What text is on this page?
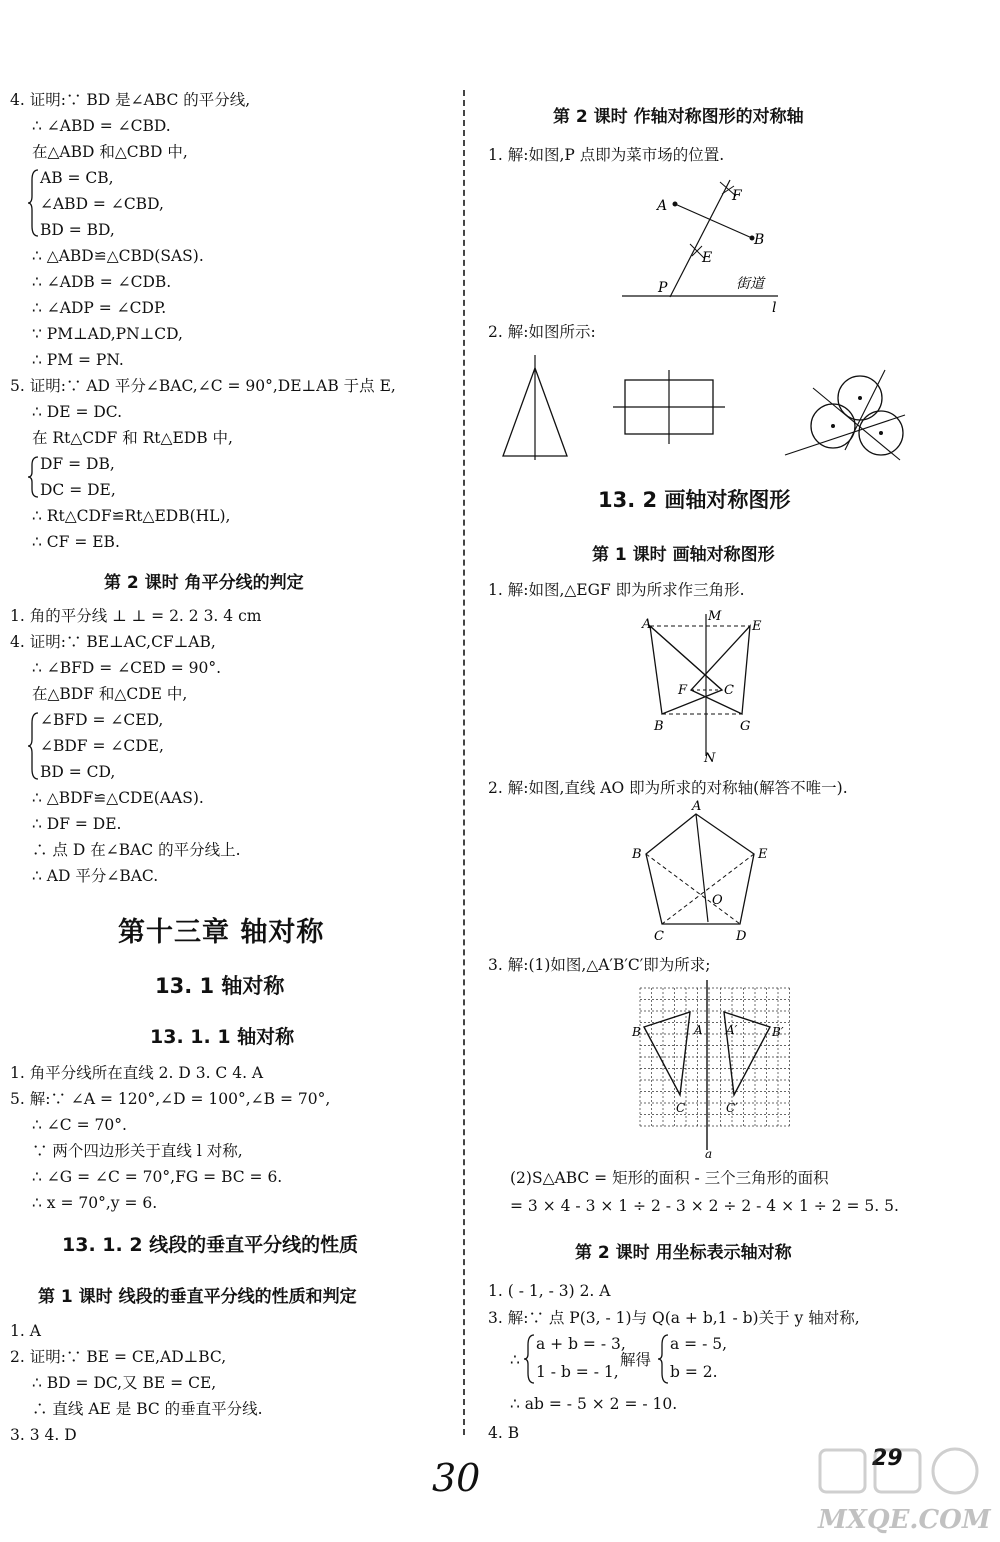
4. 证明:∵ BD 是∠ABC 的平分线,
∴ ∠ABD = ∠CBD.
在△ABD 和△CBD 中,
AB = CB,
∠ABD = ∠CBD,
BD = BD,
∴ △ABD≌△CBD(SAS).
∴ ∠ADB = ∠CDB.
∴ ∠ADP = ∠CDP.
∵ PM⊥AD,PN⊥CD,
∴ PM = PN.
5. 证明:∵ AD 平分∠BAC,∠C = 90°,DE⊥AB 于点 E,
∴ DE = DC.
在 Rt△CDF 和 Rt△EDB 中,
DF = DB,
DC = DE,
∴ Rt△CDF≌Rt△EDB(HL),
∴ CF = EB.
第 2 课时 角平分线的判定
1. 角的平分线 ⊥ ⊥ = 2. 2 3. 4 cm
4. 证明:∵ BE⊥AC,CF⊥AB,
∴ ∠BFD = ∠CED = 90°.
在△BDF 和△CDE 中,
∠BFD = ∠CED,
∠BDF = ∠CDE,
BD = CD,
∴ △BDF≌△CDE(AAS).
∴ DF = DE.
∴ 点 D 在∠BAC 的平分线上.
∴ AD 平分∠BAC.
第十三章 轴对称
13. 1 轴对称
13. 1. 1 轴对称
1. 角平分线所在直线 2. D 3. C 4. A
5. 解:∵ ∠A = 120°,∠D = 100°,∠B = 70°,
∴ ∠C = 70°.
∵ 两个四边形关于直线 l 对称,
∴ ∠G = ∠C = 70°,FG = BC = 6.
∴ x = 70°,y = 6.
13. 1. 2 线段的垂直平分线的性质
第 1 课时 线段的垂直平分线的性质和判定
1. A
2. 证明:∵ BE = CE,AD⊥BC,
∴ BD = DC,又 BE = CE,
∴ 直线 AE 是 BC 的垂直平分线.
3. 3 4. D
第 2 课时 作轴对称图形的对称轴
1. 解:如图,P 点即为菜市场的位置.
A
B
F
E
P	街道
l
2. 解:如图所示:
13. 2 画轴对称图形
第 1 课时 画轴对称图形
1. 解:如图,△EGF 即为所求作三角形.
A
M
E
F	C
B	G
N
2. 解:如图,直线 AO 即为所求的对称轴(解答不唯一).
A
B	E
O
C	D
3. 解:(1)如图,△A′B′C′即为所求;
A A′
B	B′
C	C′
a
(2)S△ABC = 矩形的面积 - 三个三角形的面积
= 3 × 4 - 3 × 1 ÷ 2 - 3 × 2 ÷ 2 - 4 × 1 ÷ 2 = 5. 5.
第 2 课时 用坐标表示轴对称
1. ( - 1, - 3) 2. A
3. 解:∵ 点 P(3, - 1)与 Q(a + b,1 - b)关于 y 轴对称,
∴
a + b = - 3,
1 - b = - 1,
解得
a = - 5,
b = 2.
∴ ab = - 5 × 2 = - 10.
4. B
29
30
MXQE.COM
